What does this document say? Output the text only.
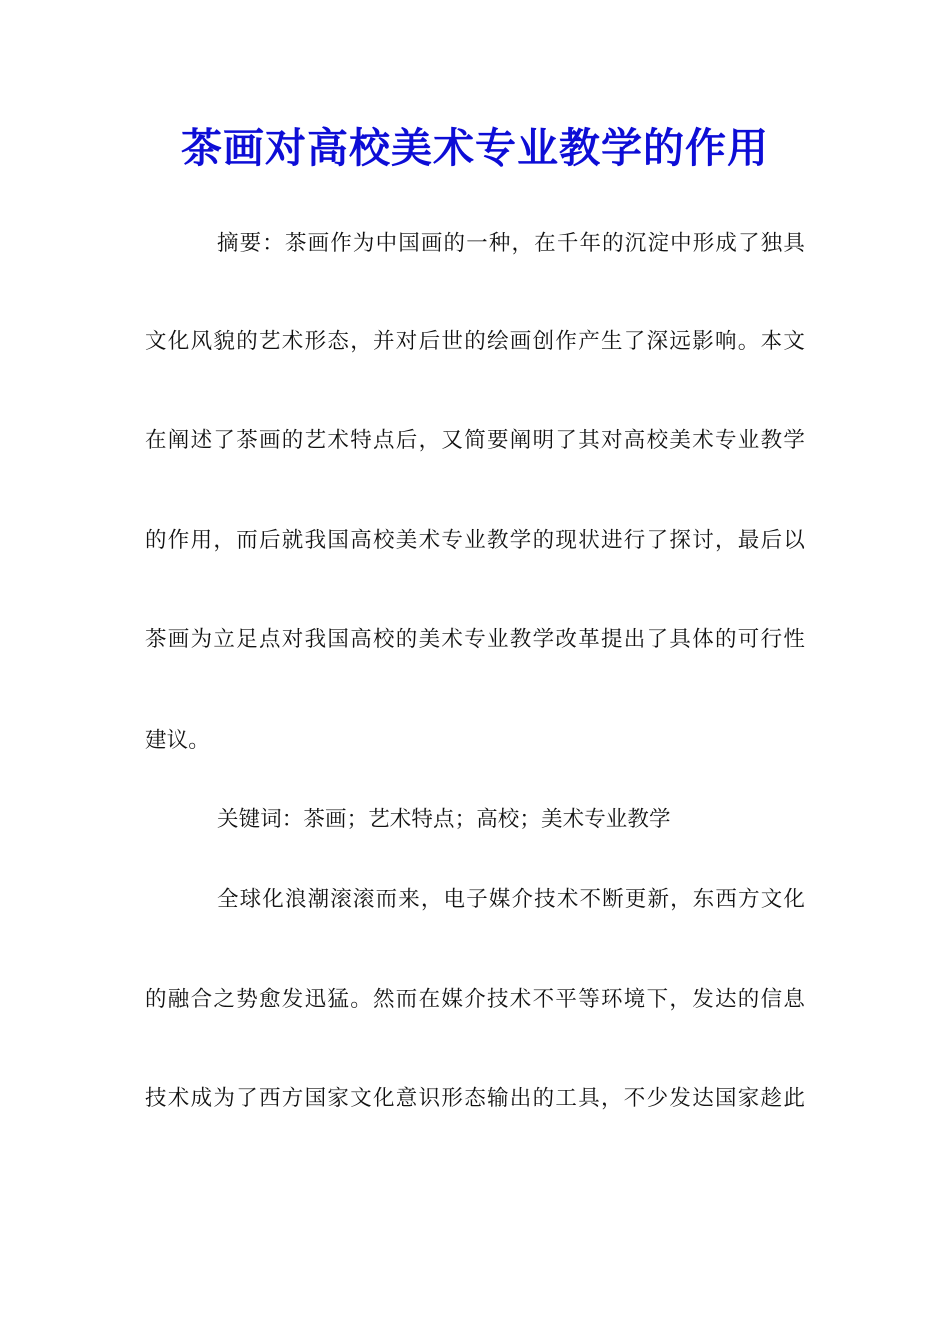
茶画对高校美术专业教学的作用
摘要：茶画作为中国画的一种，在千年的沉淀中形成了独具
文化风貌的艺术形态，并对后世的绘画创作产生了深远影响。本文
在阐述了茶画的艺术特点后，又简要阐明了其对高校美术专业教学
的作用，而后就我国高校美术专业教学的现状进行了探讨，最后以
茶画为立足点对我国高校的美术专业教学改革提出了具体的可行性
建议。
关键词：茶画；艺术特点；高校；美术专业教学
全球化浪潮滚滚而来，电子媒介技术不断更新，东西方文化
的融合之势愈发迅猛。然而在媒介技术不平等环境下，发达的信息
技术成为了西方国家文化意识形态输出的工具，不少发达国家趁此
